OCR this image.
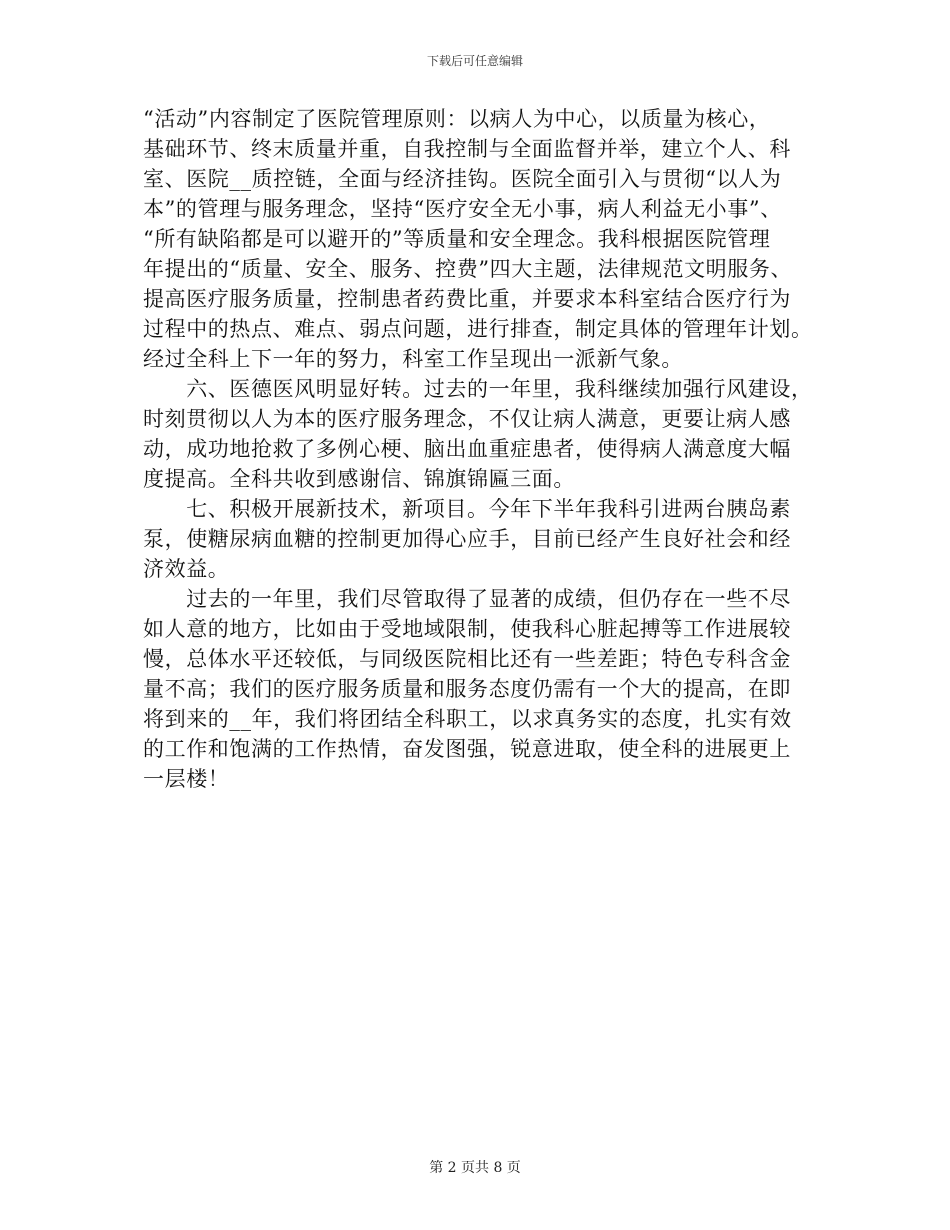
下载后可任意编辑
“活动”内容制定了医院管理原则：以病人为中心，以质量为核心，
基础环节、终末质量并重，自我控制与全面监督并举，建立个人、科
室、医院__质控链，全面与经济挂钩。医院全面引入与贯彻“以人为
本”的管理与服务理念，坚持“医疗安全无小事，病人利益无小事”、
“所有缺陷都是可以避开的”等质量和安全理念。我科根据医院管理
年提出的“质量、安全、服务、控费”四大主题，法律规范文明服务、
提高医疗服务质量，控制患者药费比重，并要求本科室结合医疗行为
过程中的热点、难点、弱点问题，进行排查，制定具体的管理年计划。
经过全科上下一年的努力，科室工作呈现出一派新气象。
　　六、医德医风明显好转。过去的一年里，我科继续加强行风建设，
时刻贯彻以人为本的医疗服务理念，不仅让病人满意，更要让病人感
动，成功地抢救了多例心梗、脑出血重症患者，使得病人满意度大幅
度提高。全科共收到感谢信、锦旗锦匾三面。
　　七、积极开展新技术，新项目。今年下半年我科引进两台胰岛素
泵，使糖尿病血糖的控制更加得心应手，目前已经产生良好社会和经
济效益。
　　过去的一年里，我们尽管取得了显著的成绩，但仍存在一些不尽
如人意的地方，比如由于受地域限制，使我科心脏起搏等工作进展较
慢，总体水平还较低，与同级医院相比还有一些差距；特色专科含金
量不高；我们的医疗服务质量和服务态度仍需有一个大的提高，在即
将到来的__年，我们将团结全科职工，以求真务实的态度，扎实有效
的工作和饱满的工作热情，奋发图强，锐意进取，使全科的进展更上
一层楼！
第 2 页共 8 页
